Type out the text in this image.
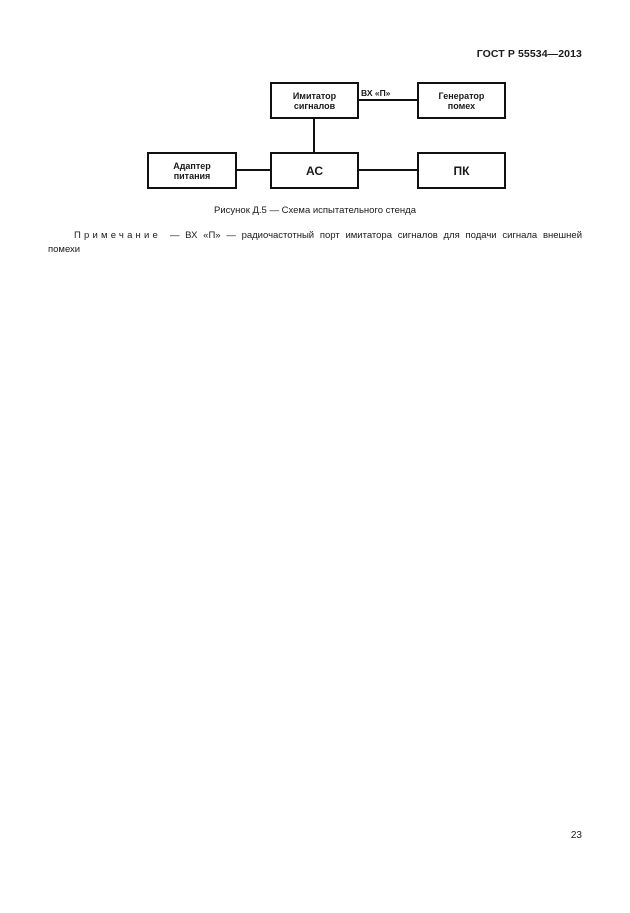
ГОСТ Р 55534—2013
ВХ «П»
Имитатор
сигналов
Генератор
помех
Адаптер
питания	АС	ПК
Рисунок Д.5 — Схема испытательного стенда
Примечание — ВХ «П» — радиочастотный порт имитатора сигналов для подачи сигнала внешней
помехи
23
